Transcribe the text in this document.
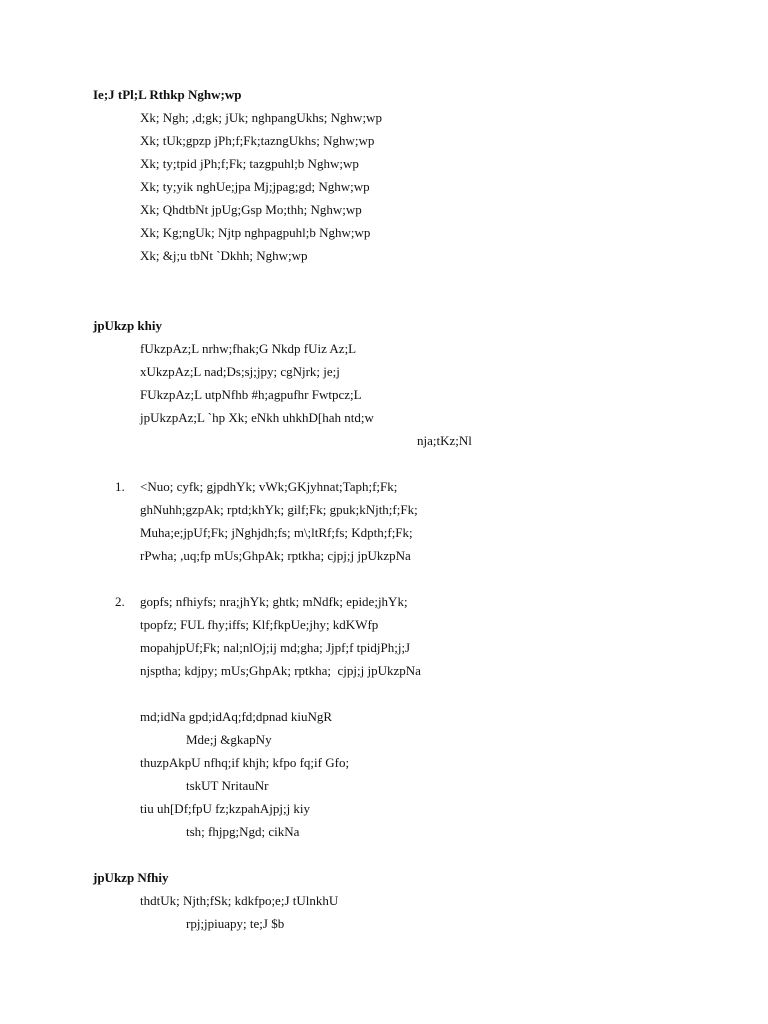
Ie;J tPl;L Rthkp Nghw;wp
Xk; Ngh; ,d;gk; jUk; nghpangUkhs; Nghw;wp
Xk; tUk;gpzp jPh;f;Fk;tazngUkhs; Nghw;wp
Xk; ty;tpid jPh;f;Fk; tazgpuhl;b Nghw;wp
Xk; ty;yik nghUe;jpa Mj;jpag;gd; Nghw;wp
Xk; QhdtbNt jpUg;Gsp Mo;thh; Nghw;wp
Xk; Kg;ngUk; Njtp nghpagpuhl;b Nghw;wp
Xk; &j;u tbNt `Dkhh; Nghw;wp
jpUkzp khiy
fUkzpAz;L nrhw;fhak;G Nkdp fUiz Az;L
xUkzpAz;L nad;Ds;sj;jpy; cgNjrk; je;j
FUkzpAz;L utpNfhb #h;agpufhr Fwtpcz;L
jpUkzpAz;L `hp Xk; eNkh uhkhD[hah ntd;w
nja;tKz;Nl
1. <Nuo; cyfk; gjpdhYk; vWk;GKjyhnat;Taph;f;Fk;
ghNuhh;gzpAk; rptd;khYk; gilf;Fk; gpuk;kNjth;f;Fk;
Muha;e;jpUf;Fk; jNghjdh;fs; m\;ltRf;fs; Kdpth;f;Fk;
rPwha; ,uq;fp mUs;GhpAk; rptkha; cjpj;j jpUkzpNa
2. gopfs; nfhiyfs; nra;jhYk; ghtk; mNdfk; epide;jhYk;
tpopfz; FUL fhy;iffs; Klf;fkpUe;jhy; kdKWfp
mopahjpUf;Fk; nal;nlOj;ij md;gha; Jjpf;f tpidjPh;j;J
njsptha; kdjpy; mUs;GhpAk; rptkha;  cjpj;j jpUkzpNa
md;idNa gpd;idAq;fd;dpnad kiuNgR
Mde;j &gkapNy
thuzpAkpU nfhq;if khjh; kfpo fq;if Gfo;
tskUT NritauNr
tiu uh[Df;fpU fz;kzpahAjpj;j kiy
tsh; fhjpg;Ngd; cikNa
jpUkzp Nfhiy
thdtUk; Njth;fSk; kdkfpo;e;J tUlnkhU
rpj;jpiuapy; te;J $b
